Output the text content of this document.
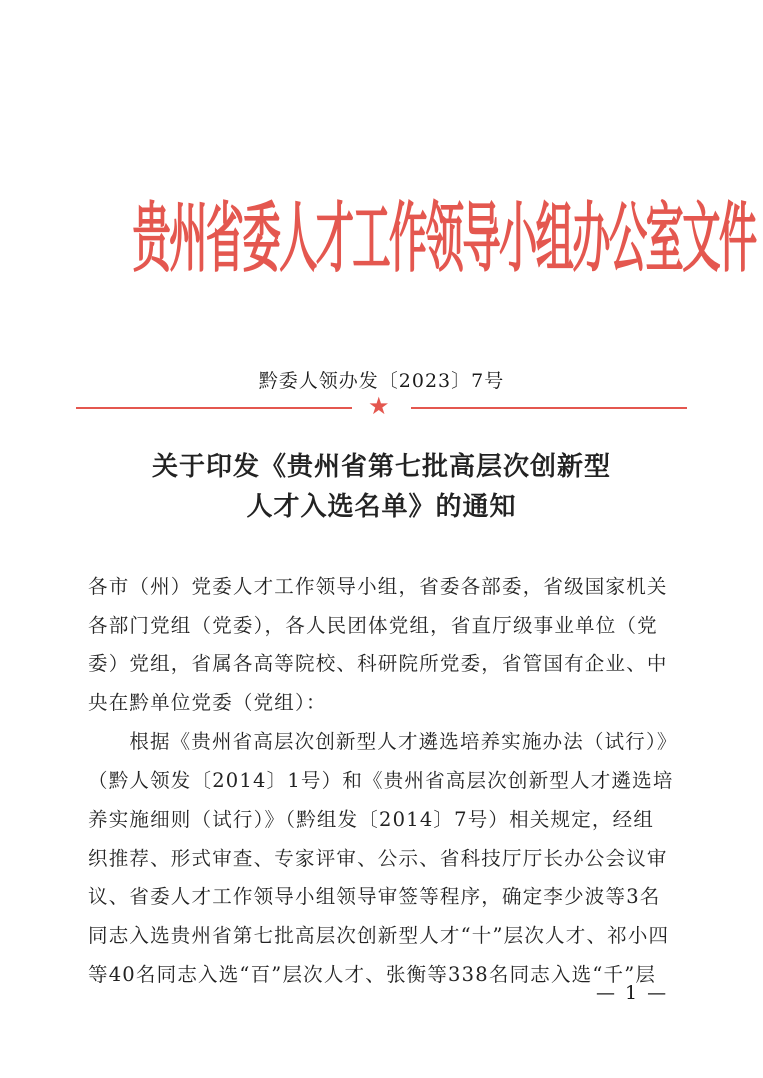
贵州省委人才工作领导小组办公室文件
黔委人领办发〔2023〕7号
★
关于印发《贵州省第七批高层次创新型
人才入选名单》的通知
各市（州）党委人才工作领导小组，省委各部委，省级国家机关
各部门党组（党委），各人民团体党组，省直厅级事业单位（党
委）党组，省属各高等院校、科研院所党委，省管国有企业、中
央在黔单位党委（党组）：
　　根据《贵州省高层次创新型人才遴选培养实施办法（试行）》
（黔人领发〔2014〕1号）和《贵州省高层次创新型人才遴选培
养实施细则（试行）》（黔组发〔2014〕7号）相关规定，经组
织推荐、形式审查、专家评审、公示、省科技厅厅长办公会议审
议、省委人才工作领导小组领导审签等程序，确定李少波等3名
同志入选贵州省第七批高层次创新型人才“十”层次人才、祁小四
等40名同志入选“百”层次人才、张衡等338名同志入选“千”层
— 1 —
